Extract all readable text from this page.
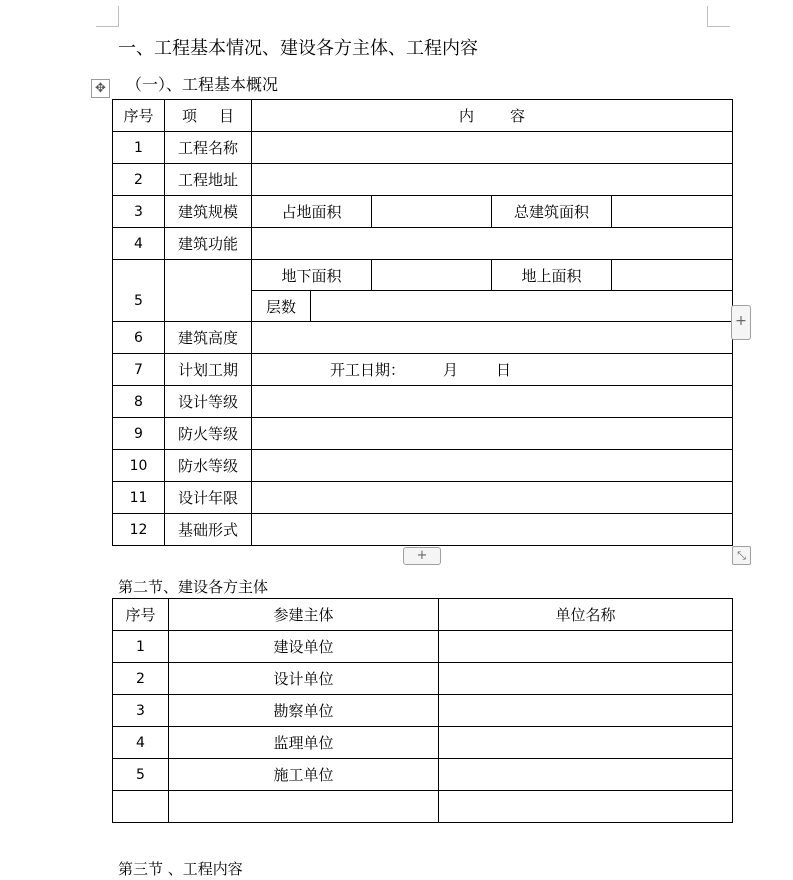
一、工程基本情况、建设各方主体、工程内容
（一）、工程基本概况
✥
序号	项 目	内 容				
1	工程名称					
2	工程地址					
3	建筑规模	占地面积			总建筑面积	
4	建筑功能					
5		地下面积			地上面积	
		层数				
6	建筑高度					
7	计划工期	开工日期： 月 日				
8	设计等级					
9	防火等级					
10	防水等级					
11	设计年限					
12	基础形式					
+
+	⤡
第二节、建设各方主体
序号	参建主体	单位名称
1	建设单位	
2	设计单位	
3	勘察单位	
4	监理单位	
5	施工单位	

第三节 、工程内容
